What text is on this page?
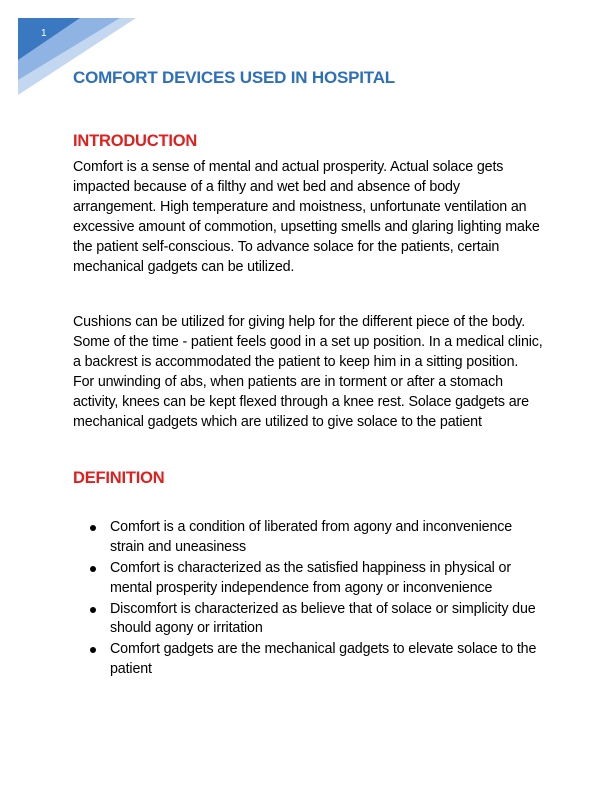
1
COMFORT DEVICES USED IN HOSPITAL
INTRODUCTION

Comfort is a sense of mental and actual prosperity. Actual solace gets impacted because of a filthy and wet bed and absence of body arrangement. High temperature and moistness, unfortunate ventilation an excessive amount of commotion, upsetting smells and glaring lighting make the patient self-conscious. To advance solace for the patients, certain mechanical gadgets can be utilized.

Cushions can be utilized for giving help for the different piece of the body. Some of the time - patient feels good in a set up position. In a medical clinic, a backrest is accommodated the patient to keep him in a sitting position. For unwinding of abs, when patients are in torment or after a stomach activity, knees can be kept flexed through a knee rest. Solace gadgets are mechanical gadgets which are utilized to give solace to the patient

DEFINITION
Comfort is a condition of liberated from agony and inconvenience strain and uneasiness
Comfort is characterized as the satisfied happiness in physical or mental prosperity independence from agony or inconvenience
Discomfort is characterized as believe that of solace or simplicity due should agony or irritation
Comfort gadgets are the mechanical gadgets to elevate solace to the patient
